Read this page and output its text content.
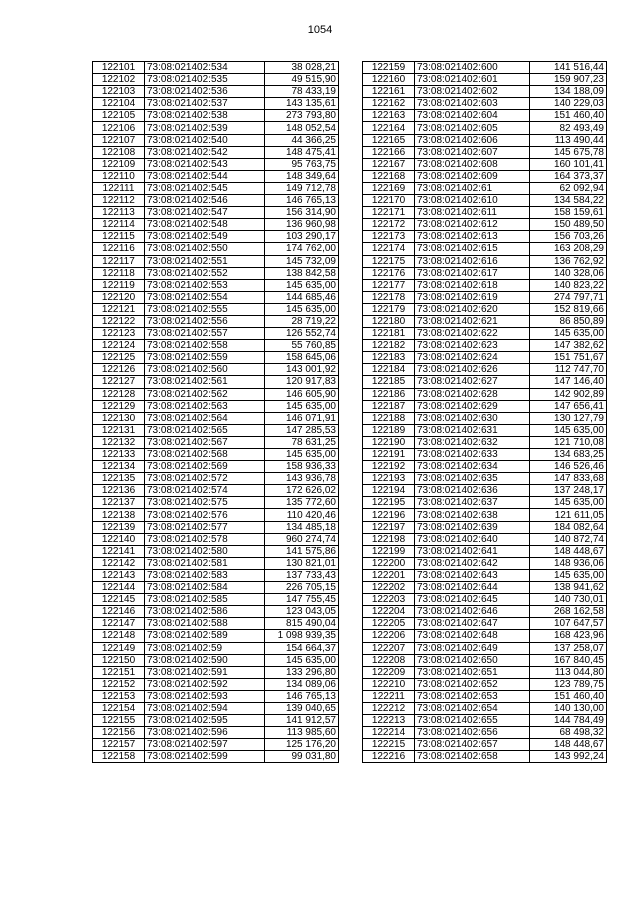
1054
122101	73:08:021402:534	38 028,21
122102	73:08:021402:535	49 515,90
122103	73:08:021402:536	78 433,19
122104	73:08:021402:537	143 135,61
122105	73:08:021402:538	273 793,80
122106	73:08:021402:539	148 052,54
122107	73:08:021402:540	44 366,25
122108	73:08:021402:542	148 475,41
122109	73:08:021402:543	95 763,75
122110	73:08:021402:544	148 349,64
122111	73:08:021402:545	149 712,78
122112	73:08:021402:546	146 765,13
122113	73:08:021402:547	156 314,90
122114	73:08:021402:548	136 960,98
122115	73:08:021402:549	103 290,17
122116	73:08:021402:550	174 762,00
122117	73:08:021402:551	145 732,09
122118	73:08:021402:552	138 842,58
122119	73:08:021402:553	145 635,00
122120	73:08:021402:554	144 685,46
122121	73:08:021402:555	145 635,00
122122	73:08:021402:556	28 719,22
122123	73:08:021402:557	126 552,74
122124	73:08:021402:558	55 760,85
122125	73:08:021402:559	158 645,06
122126	73:08:021402:560	143 001,92
122127	73:08:021402:561	120 917,83
122128	73:08:021402:562	146 605,90
122129	73:08:021402:563	145 635,00
122130	73:08:021402:564	146 071,91
122131	73:08:021402:565	147 285,53
122132	73:08:021402:567	78 631,25
122133	73:08:021402:568	145 635,00
122134	73:08:021402:569	158 936,33
122135	73:08:021402:572	143 936,78
122136	73:08:021402:574	172 626,02
122137	73:08:021402:575	135 772,60
122138	73:08:021402:576	110 420,46
122139	73:08:021402:577	134 485,18
122140	73:08:021402:578	960 274,74
122141	73:08:021402:580	141 575,86
122142	73:08:021402:581	130 821,01
122143	73:08:021402:583	137 733,43
122144	73:08:021402:584	226 705,15
122145	73:08:021402:585	147 755,45
122146	73:08:021402:586	123 043,05
122147	73:08:021402:588	815 490,04
122148	73:08:021402:589	1 098 939,35
122149	73:08:021402:59	154 664,37
122150	73:08:021402:590	145 635,00
122151	73:08:021402:591	133 296,80
122152	73:08:021402:592	134 089,06
122153	73:08:021402:593	146 765,13
122154	73:08:021402:594	139 040,65
122155	73:08:021402:595	141 912,57
122156	73:08:021402:596	113 985,60
122157	73:08:021402:597	125 176,20
122158	73:08:021402:599	99 031,80
122159	73:08:021402:600	141 516,44
122160	73:08:021402:601	159 907,23
122161	73:08:021402:602	134 188,09
122162	73:08:021402:603	140 229,03
122163	73:08:021402:604	151 460,40
122164	73:08:021402:605	82 493,49
122165	73:08:021402:606	113 490,44
122166	73:08:021402:607	145 675,78
122167	73:08:021402:608	160 101,41
122168	73:08:021402:609	164 373,37
122169	73:08:021402:61	62 092,94
122170	73:08:021402:610	134 584,22
122171	73:08:021402:611	158 159,61
122172	73:08:021402:612	150 489,50
122173	73:08:021402:613	156 703,26
122174	73:08:021402:615	163 208,29
122175	73:08:021402:616	136 762,92
122176	73:08:021402:617	140 328,06
122177	73:08:021402:618	140 823,22
122178	73:08:021402:619	274 797,71
122179	73:08:021402:620	152 819,66
122180	73:08:021402:621	86 850,89
122181	73:08:021402:622	145 635,00
122182	73:08:021402:623	147 382,62
122183	73:08:021402:624	151 751,67
122184	73:08:021402:626	112 747,70
122185	73:08:021402:627	147 146,40
122186	73:08:021402:628	142 902,89
122187	73:08:021402:629	147 656,41
122188	73:08:021402:630	130 127,79
122189	73:08:021402:631	145 635,00
122190	73:08:021402:632	121 710,08
122191	73:08:021402:633	134 683,25
122192	73:08:021402:634	146 526,46
122193	73:08:021402:635	147 833,68
122194	73:08:021402:636	137 248,17
122195	73:08:021402:637	145 635,00
122196	73:08:021402:638	121 611,05
122197	73:08:021402:639	184 082,64
122198	73:08:021402:640	140 872,74
122199	73:08:021402:641	148 448,67
122200	73:08:021402:642	148 936,06
122201	73:08:021402:643	145 635,00
122202	73:08:021402:644	138 941,62
122203	73:08:021402:645	140 730,01
122204	73:08:021402:646	268 162,58
122205	73:08:021402:647	107 647,57
122206	73:08:021402:648	168 423,96
122207	73:08:021402:649	137 258,07
122208	73:08:021402:650	167 840,45
122209	73:08:021402:651	113 044,80
122210	73:08:021402:652	123 789,75
122211	73:08:021402:653	151 460,40
122212	73:08:021402:654	140 130,00
122213	73:08:021402:655	144 784,49
122214	73:08:021402:656	68 498,32
122215	73:08:021402:657	148 448,67
122216	73:08:021402:658	143 992,24
